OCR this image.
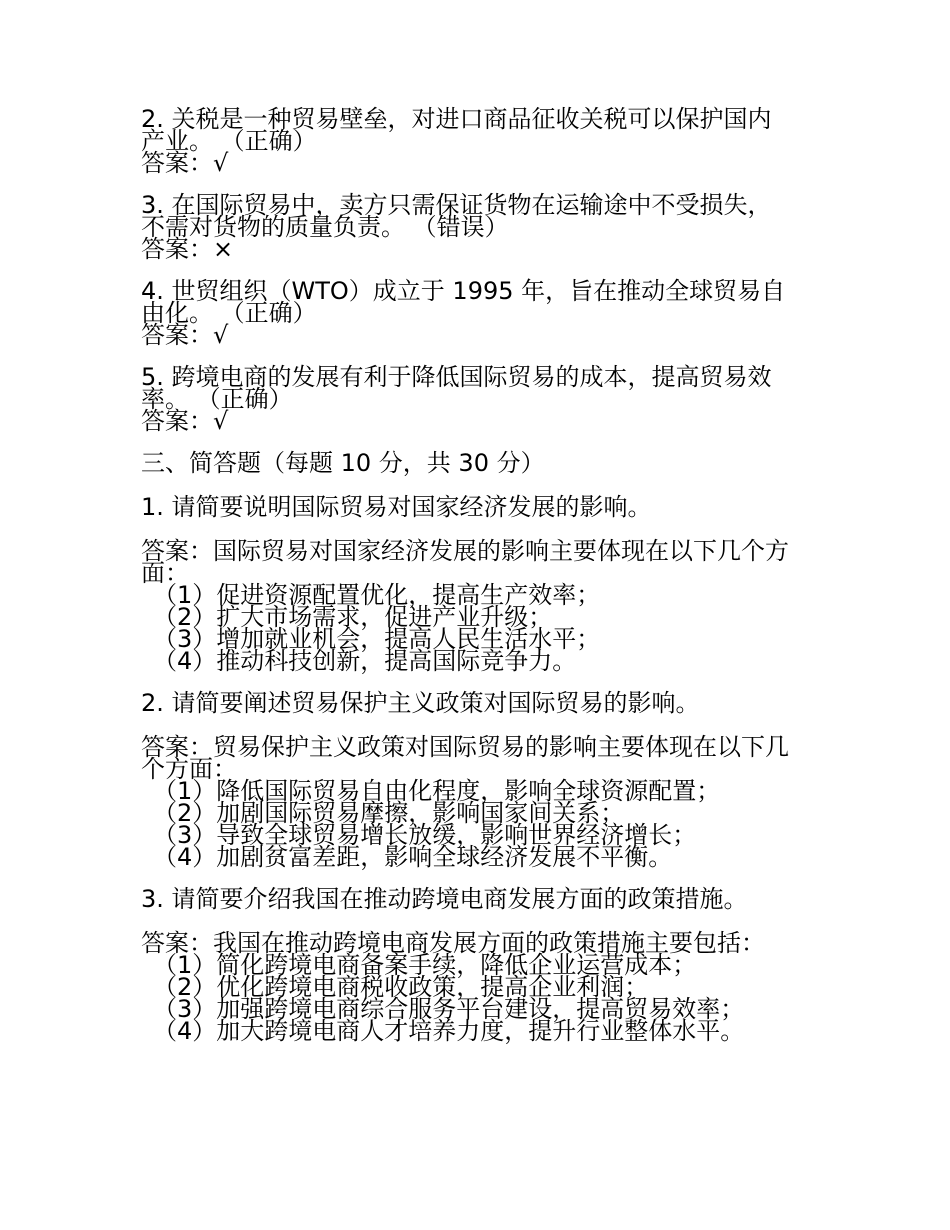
2. 关税是一种贸易壁垒，对进口商品征收关税可以保护国内
产业。 （正确）
答案：√
3. 在国际贸易中，卖方只需保证货物在运输途中不受损失，
不需对货物的质量负责。 （错误）
答案：×
4. 世贸组织（WTO）成立于 1995 年，旨在推动全球贸易自
由化。 （正确）
答案：√
5. 跨境电商的发展有利于降低国际贸易的成本，提高贸易效
率。 （正确）
答案：√
三、简答题（每题 10 分，共 30 分）
1. 请简要说明国际贸易对国家经济发展的影响。
答案：国际贸易对国家经济发展的影响主要体现在以下几个方
面：
（1）促进资源配置优化，提高生产效率；
（2）扩大市场需求，促进产业升级；
（3）增加就业机会，提高人民生活水平；
（4）推动科技创新，提高国际竞争力。
2. 请简要阐述贸易保护主义政策对国际贸易的影响。
答案：贸易保护主义政策对国际贸易的影响主要体现在以下几
个方面：
（1）降低国际贸易自由化程度，影响全球资源配置；
（2）加剧国际贸易摩擦，影响国家间关系；
（3）导致全球贸易增长放缓，影响世界经济增长；
（4）加剧贫富差距，影响全球经济发展不平衡。
3. 请简要介绍我国在推动跨境电商发展方面的政策措施。
答案：我国在推动跨境电商发展方面的政策措施主要包括：
（1）简化跨境电商备案手续，降低企业运营成本；
（2）优化跨境电商税收政策，提高企业利润；
（3）加强跨境电商综合服务平台建设，提高贸易效率；
（4）加大跨境电商人才培养力度，提升行业整体水平。
